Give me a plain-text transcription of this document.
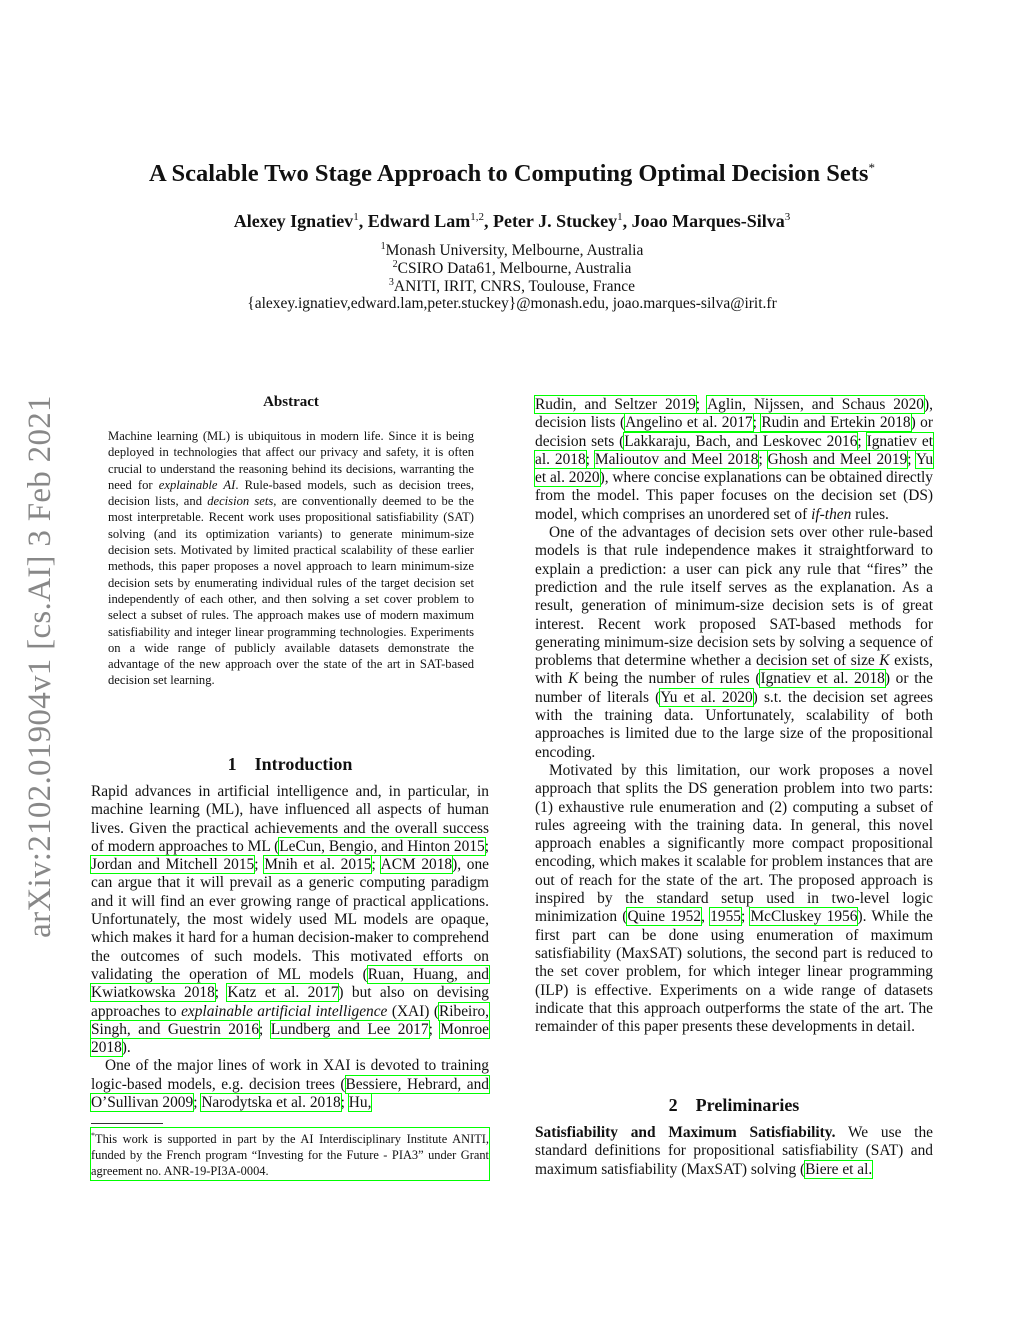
arXiv:2102.01904v1 [cs.AI] 3 Feb 2021
A Scalable Two Stage Approach to Computing Optimal Decision Sets*
Alexey Ignatiev$^1$, Edward Lam$^{1,2}$, Peter J. Stuckey$^1$, Joao Marques-Silva$^3$
$^1$Monash University, Melbourne, Australia
$^2$CSIRO Data61, Melbourne, Australia
$^3$ANITI, IRIT, CNRS, Toulouse, France
{alexey.ignatiev,edward.lam,peter.stuckey}@monash.edu, joao.marques-silva@irit.fr
Abstract
Machine learning (ML) is ubiquitous in modern life. Since it is being deployed in technologies that affect our privacy and safety, it is often crucial to understand the reasoning behind its decisions, warranting the need for explainable AI. Rule-based models, such as decision trees, decision lists, and decision sets, are conventionally deemed to be the most interpretable. Recent work uses propositional satisfiability (SAT) solving (and its optimization variants) to generate minimum-size decision sets. Motivated by limited practical scalability of these earlier methods, this paper proposes a novel approach to learn minimum-size decision sets by enumerating individual rules of the target decision set independently of each other, and then solving a set cover problem to select a subset of rules. The approach makes use of modern maximum satisfiability and integer linear programming technologies. Experiments on a wide range of publicly available datasets demonstrate the advantage of the new approach over the state of the art in SAT-based decision set learning.
1 Introduction

Rapid advances in artificial intelligence and, in particular, in machine learning (ML), have influenced all aspects of human lives. Given the practical achievements and the overall success of modern approaches to ML (LeCun, Bengio, and Hinton 2015; Jordan and Mitchell 2015; Mnih et al. 2015; ACM 2018), one can argue that it will prevail as a generic computing paradigm and it will find an ever growing range of practical applications. Unfortunately, the most widely used ML models are opaque, which makes it hard for a human decision-maker to comprehend the outcomes of such models. This motivated efforts on validating the operation of ML models (Ruan, Huang, and Kwiatkowska 2018; Katz et al. 2017) but also on devising approaches to explainable artificial intelligence (XAI) (Ribeiro, Singh, and Guestrin 2016; Lundberg and Lee 2017; Monroe 2018).

One of the major lines of work in XAI is devoted to training logic-based models, e.g. decision trees (Bessiere, Hebrard, and O’Sullivan 2009; Narodytska et al. 2018; Hu,

*This work is supported in part by the AI Interdisciplinary Institute ANITI, funded by the French program “Investing for the Future - PIA3” under Grant agreement no. ANR-19-PI3A-0004.

Rudin, and Seltzer 2019; Aglin, Nijssen, and Schaus 2020), decision lists (Angelino et al. 2017; Rudin and Ertekin 2018) or decision sets (Lakkaraju, Bach, and Leskovec 2016; Ignatiev et al. 2018; Malioutov and Meel 2018; Ghosh and Meel 2019; Yu et al. 2020), where concise explanations can be obtained directly from the model. This paper focuses on the decision set (DS) model, which comprises an unordered set of if-then rules.

One of the advantages of decision sets over other rule-based models is that rule independence makes it straightforward to explain a prediction: a user can pick any rule that “fires” the prediction and the rule itself serves as the explanation. As a result, generation of minimum-size decision sets is of great interest. Recent work proposed SAT-based methods for generating minimum-size decision sets by solving a sequence of problems that determine whether a decision set of size K exists, with K being the number of rules (Ignatiev et al. 2018) or the number of literals (Yu et al. 2020) s.t. the decision set agrees with the training data. Unfortunately, scalability of both approaches is limited due to the large size of the propositional encoding.

Motivated by this limitation, our work proposes a novel approach that splits the DS generation problem into two parts: (1) exhaustive rule enumeration and (2) computing a subset of rules agreeing with the training data. In general, this novel approach enables a significantly more compact propositional encoding, which makes it scalable for problem instances that are out of reach for the state of the art. The proposed approach is inspired by the standard setup used in two-level logic minimization (Quine 1952, 1955; McCluskey 1956). While the first part can be done using enumeration of maximum satisfiability (MaxSAT) solutions, the second part is reduced to the set cover problem, for which integer linear programming (ILP) is effective. Experiments on a wide range of datasets indicate that this approach outperforms the state of the art. The remainder of this paper presents these developments in detail.

2 Preliminaries

Satisfiability and Maximum Satisfiability. We use the standard definitions for propositional satisfiability (SAT) and maximum satisfiability (MaxSAT) solving (Biere et al.
